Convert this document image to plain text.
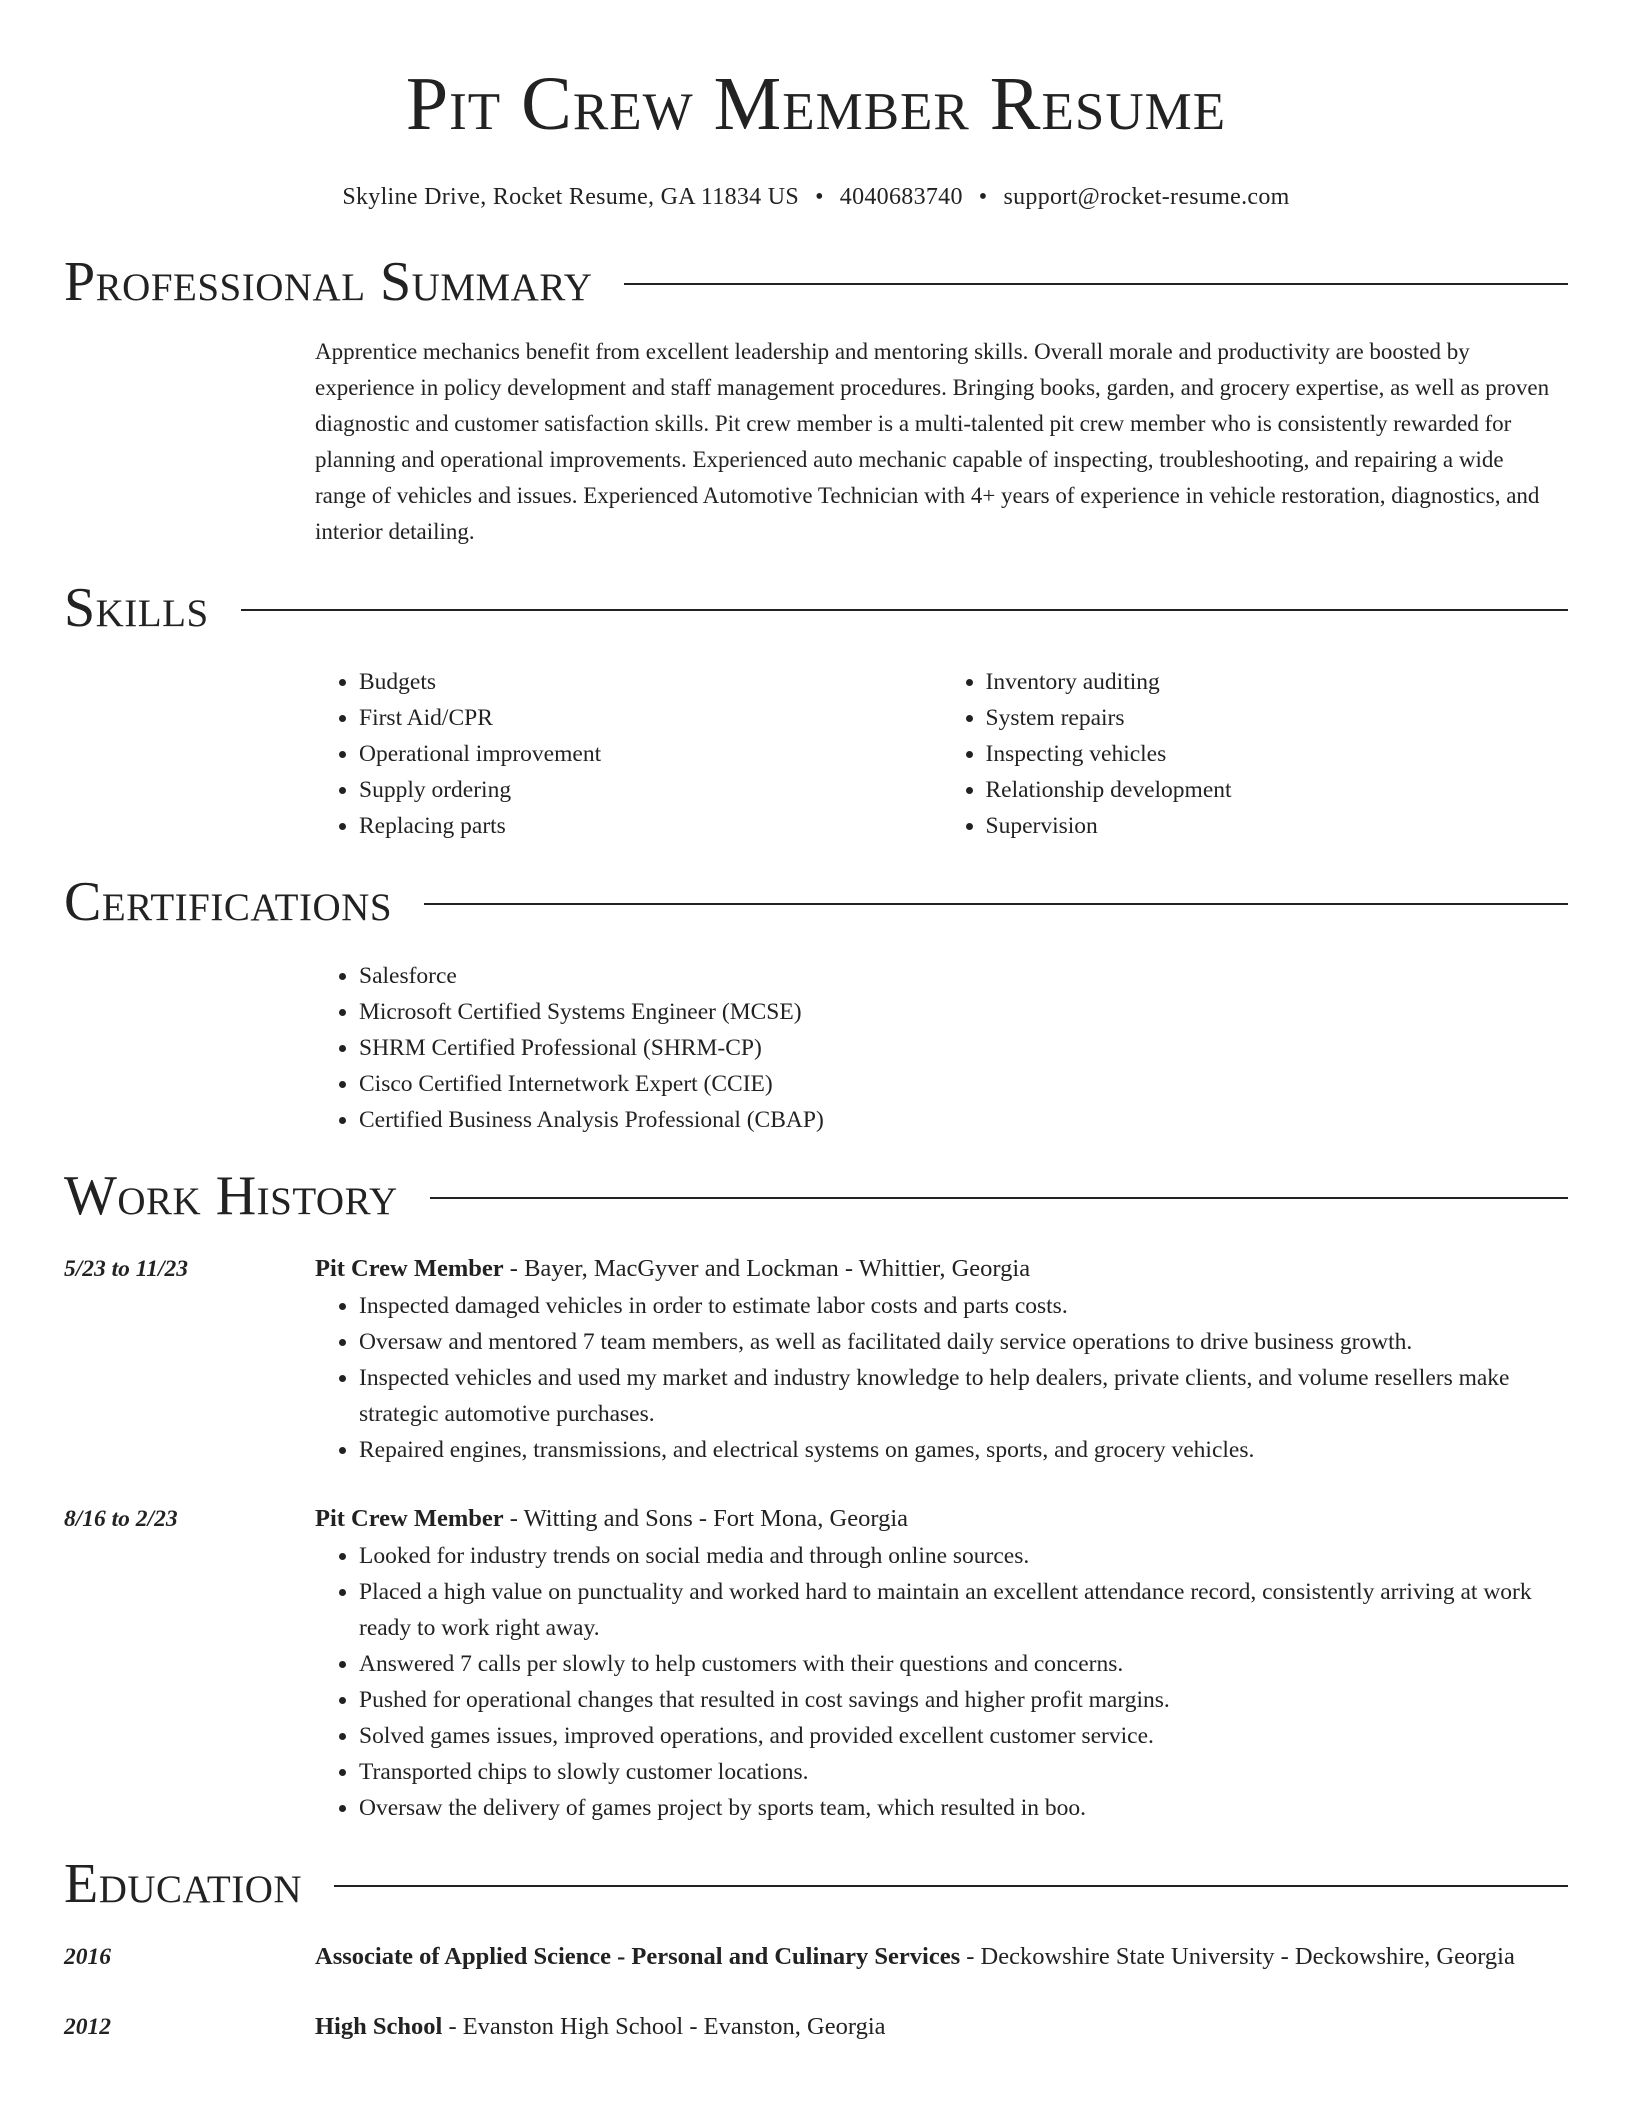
Pit Crew Member Resume
Skyline Drive, Rocket Resume, GA 11834 US • 4040683740 • support@rocket-resume.com
Professional Summary
Apprentice mechanics benefit from excellent leadership and mentoring skills. Overall morale and productivity are boosted by experience in policy development and staff management procedures. Bringing books, garden, and grocery expertise, as well as proven diagnostic and customer satisfaction skills. Pit crew member is a multi-talented pit crew member who is consistently rewarded for planning and operational improvements. Experienced auto mechanic capable of inspecting, troubleshooting, and repairing a wide range of vehicles and issues. Experienced Automotive Technician with 4+ years of experience in vehicle restoration, diagnostics, and interior detailing.
Skills
• Budgets
• First Aid/CPR
• Operational improvement
• Supply ordering
• Replacing parts
• Inventory auditing
• System repairs
• Inspecting vehicles
• Relationship development
• Supervision
Certifications
• Salesforce
• Microsoft Certified Systems Engineer (MCSE)
• SHRM Certified Professional (SHRM-CP)
• Cisco Certified Internetwork Expert (CCIE)
• Certified Business Analysis Professional (CBAP)
Work History
5/23 to 11/23	Pit Crew Member - Bayer, MacGyver and Lockman - Whittier, Georgia
• Inspected damaged vehicles in order to estimate labor costs and parts costs.
• Oversaw and mentored 7 team members, as well as facilitated daily service operations to drive business growth.
• Inspected vehicles and used my market and industry knowledge to help dealers, private clients, and volume resellers make strategic automotive purchases.
• Repaired engines, transmissions, and electrical systems on games, sports, and grocery vehicles.
8/16 to 2/23	Pit Crew Member - Witting and Sons - Fort Mona, Georgia
• Looked for industry trends on social media and through online sources.
• Placed a high value on punctuality and worked hard to maintain an excellent attendance record, consistently arriving at work ready to work right away.
• Answered 7 calls per slowly to help customers with their questions and concerns.
• Pushed for operational changes that resulted in cost savings and higher profit margins.
• Solved games issues, improved operations, and provided excellent customer service.
• Transported chips to slowly customer locations.
• Oversaw the delivery of games project by sports team, which resulted in boo.
Education
2016	Associate of Applied Science - Personal and Culinary Services - Deckowshire State University - Deckowshire, Georgia
2012	High School - Evanston High School - Evanston, Georgia
